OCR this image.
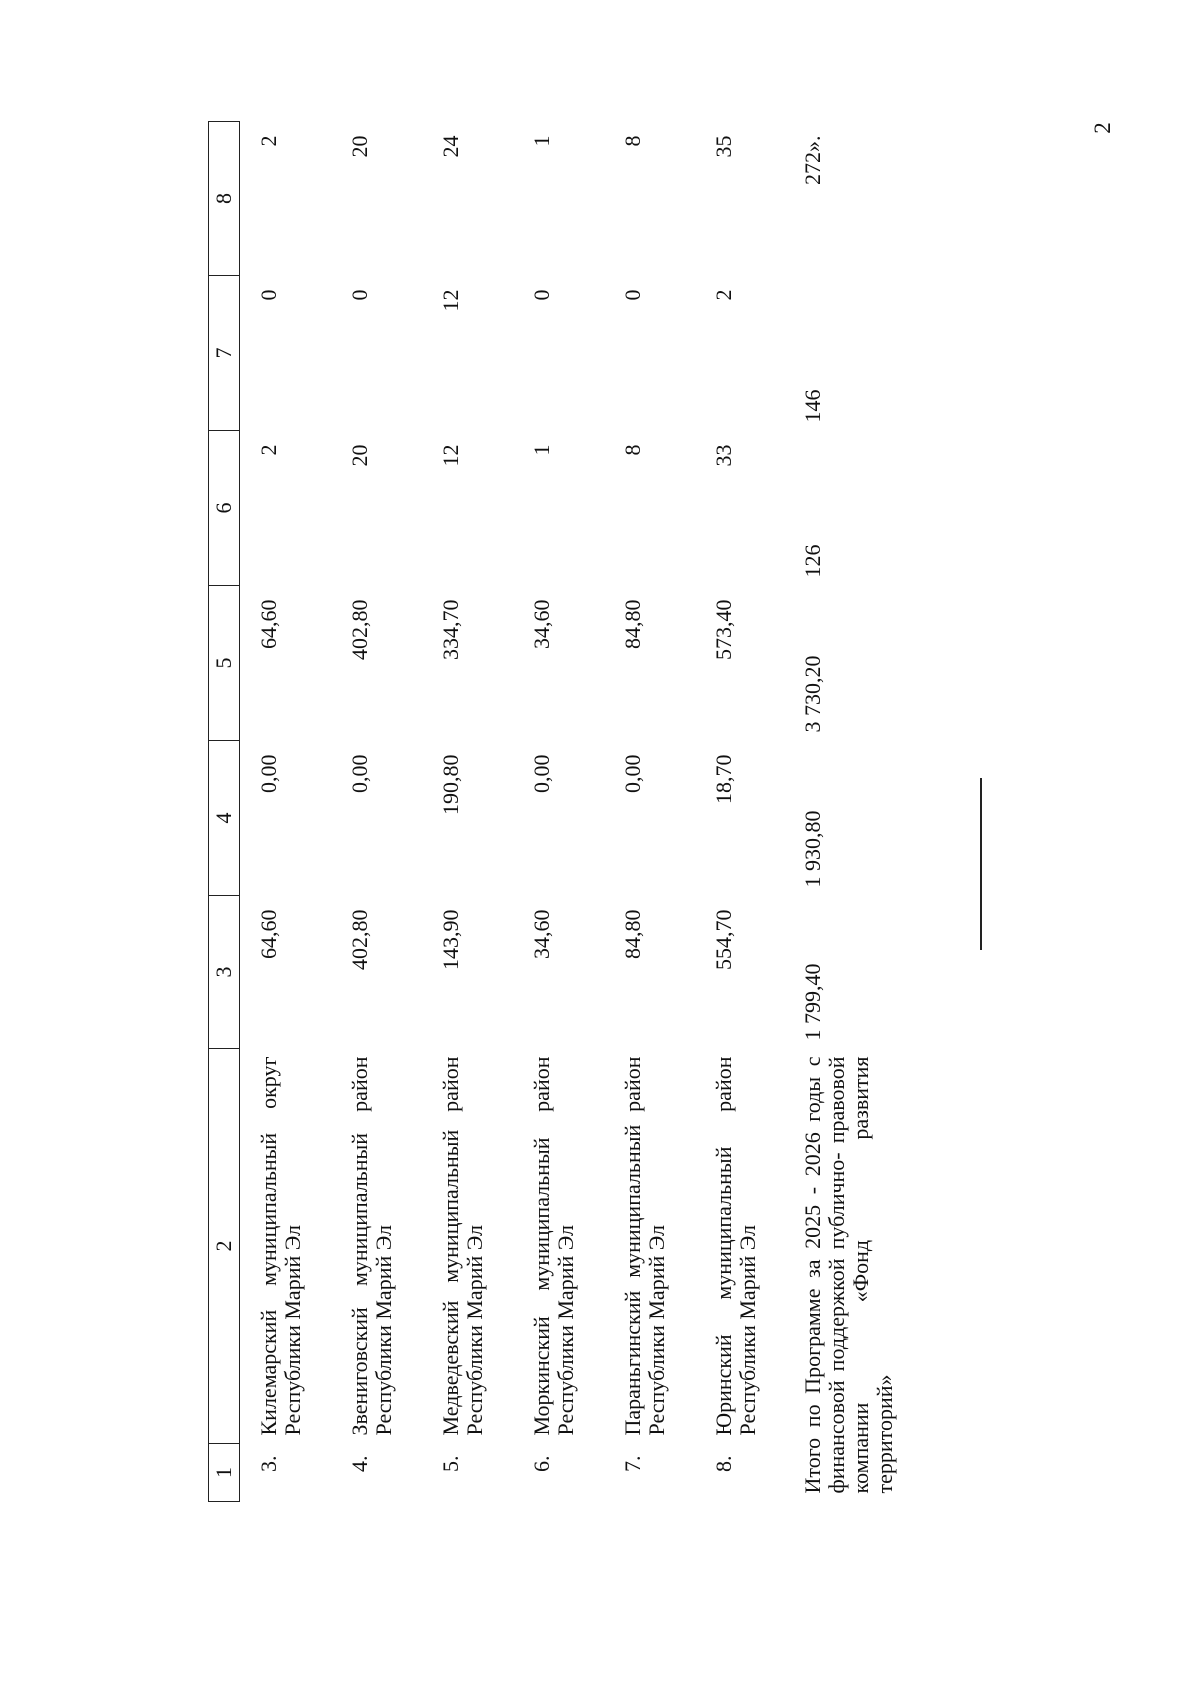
2
1	2	3	4	5	6	7	8
3.	Килемарский муниципальный округ Республики Марий Эл	64,60	0,00	64,60	2	0	2
4.	Звениговский муниципальный район Республики Марий Эл	402,80	0,00	402,80	20	0	20
5.	Медведевский муниципальный район Республики Марий Эл	143,90	190,80	334,70	12	12	24
6.	Моркинский муниципальный район Республики Марий Эл	34,60	0,00	34,60	1	0	1
7.	Параньгинский муниципальный район Республики Марий Эл	84,80	0,00	84,80	8	0	8
8.	Юринский муниципальный район Республики Марий Эл	554,70	18,70	573,40	33	2	35
Итого по Программе за 2025 - 2026 годы с финансовой поддержкой публично- правовой компании «Фонд развития территорий»		1 799,40	1 930,80	3 730,20	126	146	272».
